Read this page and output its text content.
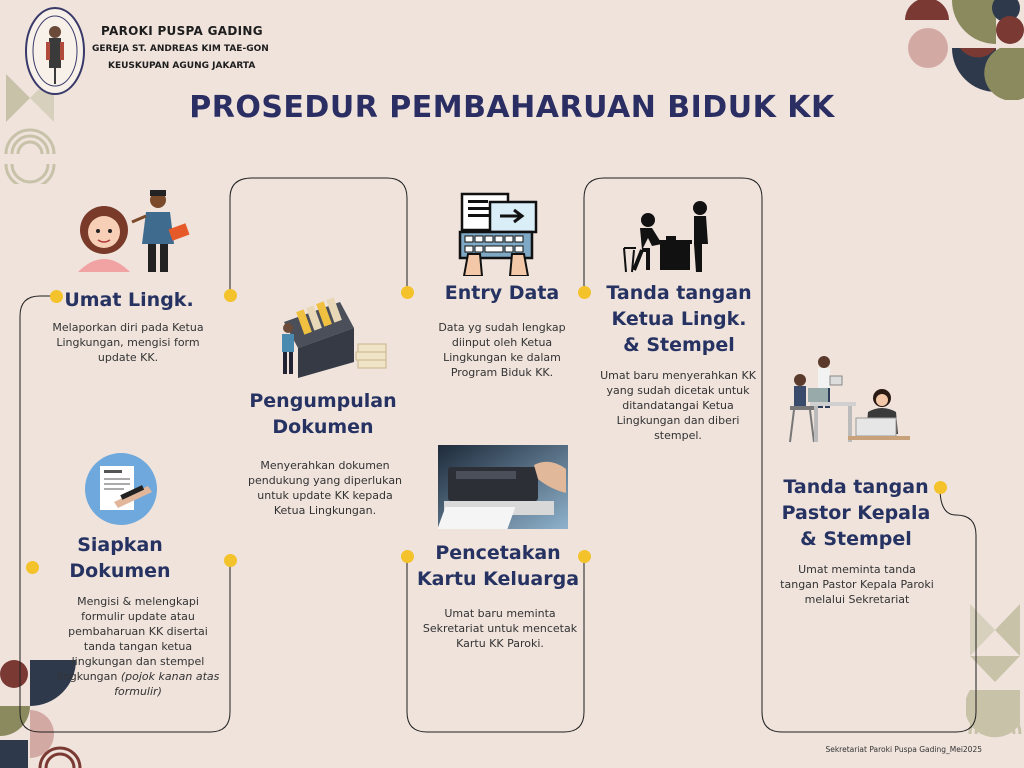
PAROKI PUSPA GADING
GEREJA ST. ANDREAS KIM TAE-GON
KEUSKUPAN AGUNG JAKARTA
PROSEDUR PEMBAHARUAN BIDUK KK
Umat Lingk.
Melaporkan diri pada Ketua Lingkungan, mengisi form update KK.
Siapkan
Dokumen
Mengisi & melengkapi formulir update atau pembaharuan KK disertai tanda tangan ketua lingkungan dan stempel lingkungan (pojok kanan atas formulir)
Pengumpulan
Dokumen
Menyerahkan dokumen pendukung yang diperlukan untuk update KK kepada Ketua Lingkungan.
Entry Data
Data yg sudah lengkap diinput oleh Ketua Lingkungan ke dalam Program Biduk KK.
Pencetakan
Kartu Keluarga
Umat baru meminta Sekretariat untuk mencetak Kartu KK Paroki.
Tanda tangan
Ketua Lingk.
& Stempel
Umat baru menyerahkan KK yang sudah dicetak untuk ditandatangai Ketua Lingkungan dan diberi stempel.
Tanda tangan
Pastor Kepala
& Stempel
Umat meminta tanda tangan Pastor Kepala Paroki melalui Sekretariat
Sekretariat Paroki Puspa Gading_Mei2025
